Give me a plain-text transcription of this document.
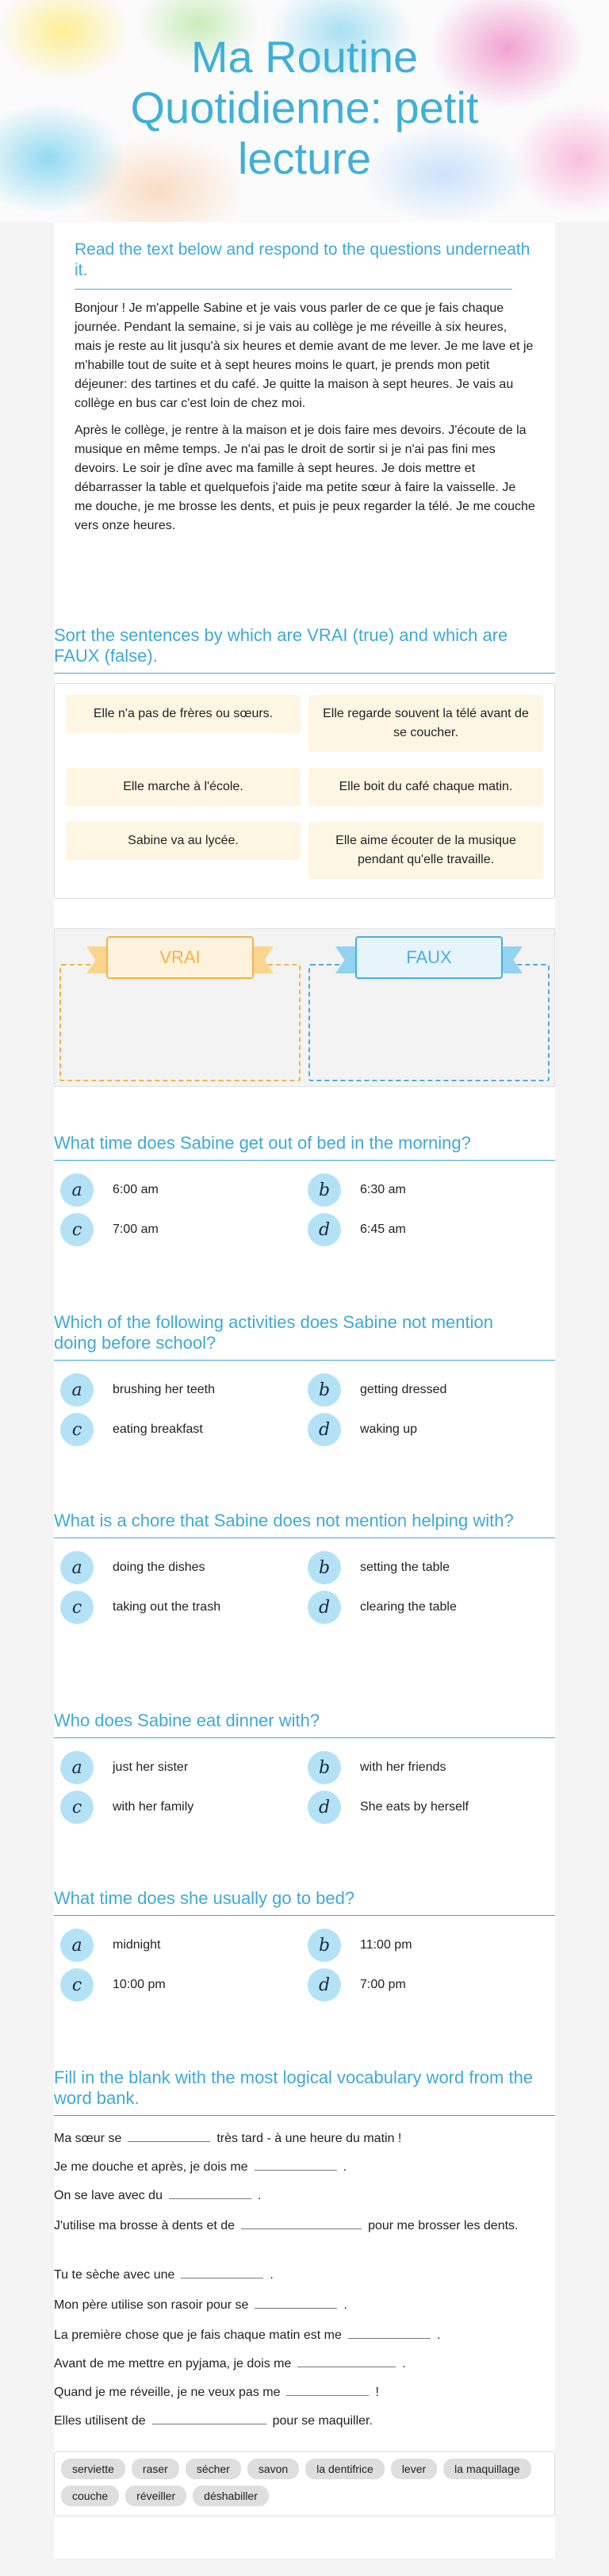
Ma Routine Quotidienne: petit lecture
Read the text below and respond to the questions underneath it.

Bonjour ! Je m'appelle Sabine et je vais vous parler de ce que je fais chaque journée. Pendant la semaine, si je vais au collège je me réveille à six heures, mais je reste au lit jusqu'à six heures et demie avant de me lever. Je me lave et je m'habille tout de suite et à sept heures moins le quart, je prends mon petit déjeuner: des tartines et du café. Je quitte la maison à sept heures. Je vais au collège en bus car c'est loin de chez moi.

Après le collège, je rentre à la maison et je dois faire mes devoirs. J'écoute de la musique en même temps. Je n'ai pas le droit de sortir si je n'ai pas fini mes devoirs. Le soir je dîne avec ma famille à sept heures. Je dois mettre et débarrasser la table et quelquefois j'aide ma petite sœur à faire la vaisselle. Je me douche, je me brosse les dents, et puis je peux regarder la télé. Je me couche vers onze heures.

Sort the sentences by which are VRAI (true) and which are FAUX (false).
Elle n'a pas de frères ou sœurs.	Elle regarde souvent la télé avant de se coucher.
Elle marche à l'école.	Elle boit du café chaque matin.
Sabine va au lycée.	Elle aime écouter de la musique pendant qu'elle travaille.
VRAI	FAUX
What time does Sabine get out of bed in the morning?
a	6:00 am	b	6:30 am
c	7:00 am	d	6:45 am
Which of the following activities does Sabine not mention doing before school?
a	brushing her teeth	b	getting dressed
c	eating breakfast	d	waking up
What is a chore that Sabine does not mention helping with?
a	doing the dishes	b	setting the table
c	taking out the trash	d	clearing the table
Who does Sabine eat dinner with?
a	just her sister	b	with her friends
c	with her family	d	She eats by herself
What time does she usually go to bed?
a	midnight	b	11:00 pm
c	10:00 pm	d	7:00 pm
Fill in the blank with the most logical vocabulary word from the word bank.
Ma sœur se	très tard - à une heure du matin !
Je me douche et après, je dois me	.
On se lave avec du	.
J'utilise ma brosse à dents et de	pour me brosser les dents.
Tu te sèche avec une	.
Mon père utilise son rasoir pour se	.
La première chose que je fais chaque matin est me	.
Avant de me mettre en pyjama, je dois me	.
Quand je me réveille, je ne veux pas me	!
Elles utilisent de	pour se maquiller.
serviette	raser	sécher	savon	la dentifrice	lever	la maquillage
couche	réveiller	déshabiller
